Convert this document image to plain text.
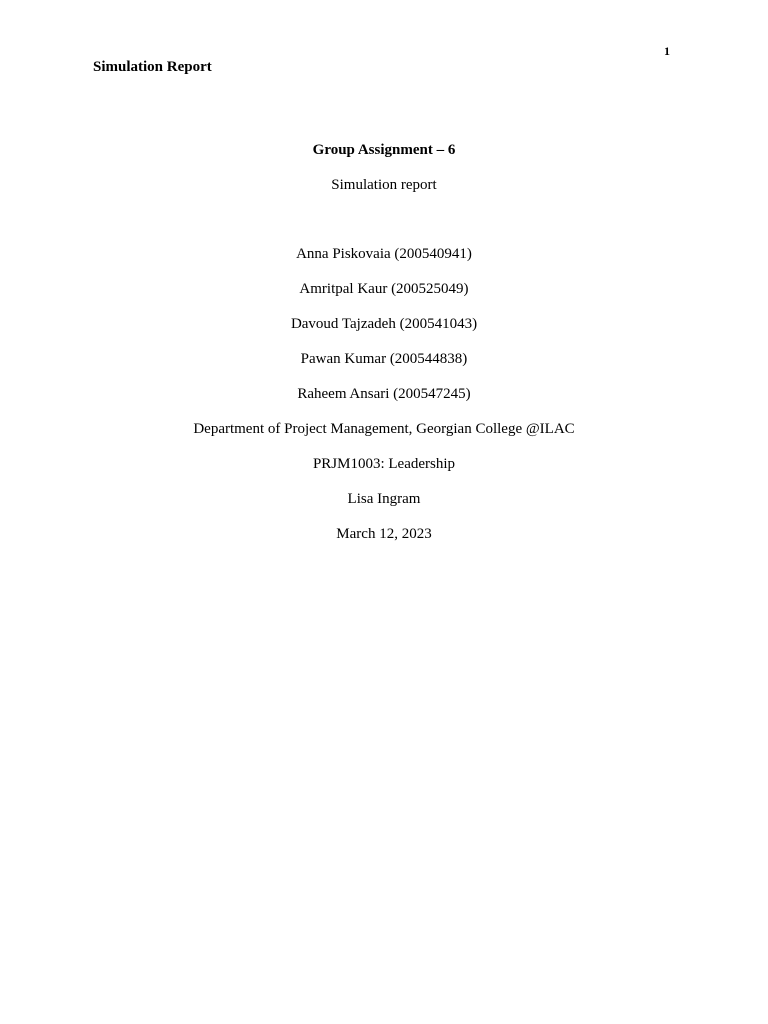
1
Simulation Report
Group Assignment – 6
Simulation report
Anna Piskovaia (200540941)
Amritpal Kaur (200525049)
Davoud Tajzadeh (200541043)
Pawan Kumar (200544838)
Raheem Ansari (200547245)
Department of Project Management, Georgian College @ILAC
PRJM1003: Leadership
Lisa Ingram
March 12, 2023
